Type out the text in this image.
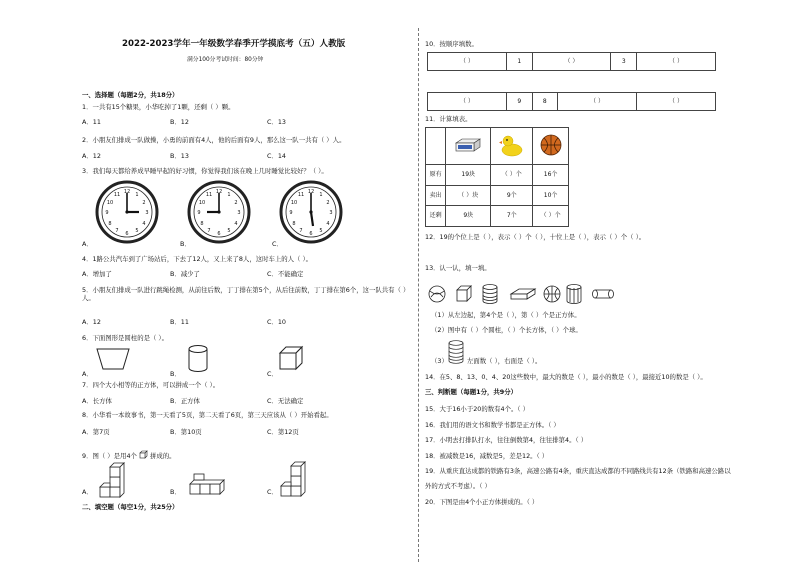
2022-2023学年一年级数学春季开学摸底考（五）人教版
满分100分考试时间：80分钟
一、选择题（每题2分，共18分）
1．一共有15个糖果，小华吃掉了1颗，还剩（ ）颗。
A．11	B．12	C．13
2．小朋友们排成一队做操，小勇的前面有4人，他的后面有9人，那么这一队一共有（ ）人。
A．12	B．13	C．14
3．我们每天都给养成早睡早起的好习惯，你觉得我们该在晚上几时睡觉比较好？（ ）。
12
3
6
9
1
2
4
5
7
8
10
11	12
3
6
9
1
2
4
5
7
8
10
11	12
3
6
9
1
2
4
5
7
8
10
11
A．	B．	C．
4．1路公共汽车到了广场站后，下去了12人，又上来了8人，这时车上的人（ ）。
A．增加了	B．减少了	C．不能确定
5．小朋友们排成一队进行跳绳检测，从前往后数，丁丁排在第5个，从后往前数，丁丁排在第6个，这一队共有（ ）人。
A．12	B．11	C．10
6．下面图形是圆柱的是（ ）。
A．	B．	C．
7．四个大小相等的正方体，可以拼成一个（ ）。
A．长方体	B．正方体	C．无法确定
8．小华看一本故事书，第一天看了5页，第二天看了6页，第三天应该从（ ）开始看起。
A．第7页	B．第10页	C．第12页
9．图（ ）是用4个 拼成的。
A．	B．	C．
二、填空题（每空1分，共25分）
10．按顺序填数。
（ ）	1	（ ）	3	（ ）
（ ）	9	8	（ ）	（ ）
11．计算填表。

原有	19块	（ ）个	16个
卖出	（ ）块	9个	10个
还剩	9块	7个	（ ）个
12．19的个位上是（ ），表示（ ）个（ ），十位上是（ ），表示（ ）个（ ）。
13．认一认，填一填。
（1）从左边起，第4个是（ ），第（ ）个是正方体。
（2）图中有（ ）个圆柱，（ ）个长方体，（ ）个球。
（3）	左面数（ ），右面是（ ）。
14．在5、8、13、0、4、20这些数中，最大的数是（ ），最小的数是（ ），最接近10的数是（ ）。
三、判断题（每题1分，共9分）
15．大于16小于20的数有4个。（ ）
16．我们用的语文书和数学书都是正方体。（ ）
17．小明去打排队打水，往往倒数第4，往往排第4。（ ）
18．被减数是16，减数是5，差是12。（ ）
19．从重庆直达成都的铁路有3条，高速公路有4条，重庆直达成都的不同路线共有12条（铁路和高速公路以
外的方式不考虑）。（ ）
20．下图是由4个小正方体拼成的。（ ）
